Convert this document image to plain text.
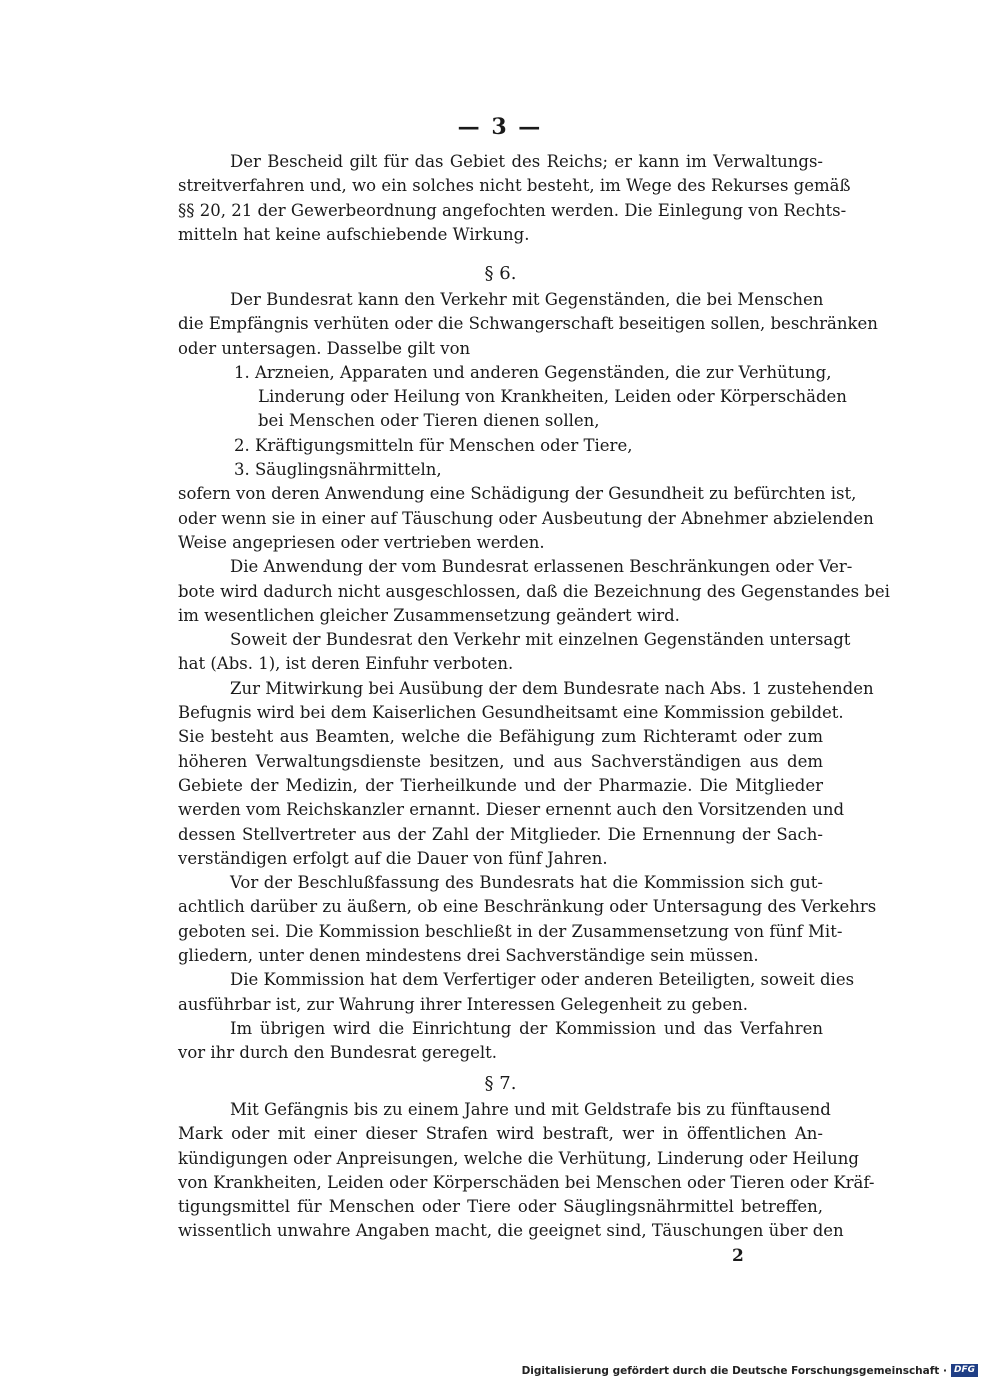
— 3 —
Der Bescheid gilt für das Gebiet des Reichs; er kann im Verwaltungs-
streitverfahren und, wo ein solches nicht besteht, im Wege des Rekurses gemäß
§§ 20, 21 der Gewerbeordnung angefochten werden. Die Einlegung von Rechts-
mitteln hat keine aufschiebende Wirkung.
§ 6.
Der Bundesrat kann den Verkehr mit Gegenständen, die bei Menschen
die Empfängnis verhüten oder die Schwangerschaft beseitigen sollen, beschränken
oder untersagen. Dasselbe gilt von
1. Arzneien, Apparaten und anderen Gegenständen, die zur Verhütung,
Linderung oder Heilung von Krankheiten, Leiden oder Körperschäden
bei Menschen oder Tieren dienen sollen,
2. Kräftigungsmitteln für Menschen oder Tiere,
3. Säuglingsnährmitteln,
sofern von deren Anwendung eine Schädigung der Gesundheit zu befürchten ist,
oder wenn sie in einer auf Täuschung oder Ausbeutung der Abnehmer abzielenden
Weise angepriesen oder vertrieben werden.
Die Anwendung der vom Bundesrat erlassenen Beschränkungen oder Ver-
bote wird dadurch nicht ausgeschlossen, daß die Bezeichnung des Gegenstandes bei
im wesentlichen gleicher Zusammensetzung geändert wird.
Soweit der Bundesrat den Verkehr mit einzelnen Gegenständen untersagt
hat (Abs. 1), ist deren Einfuhr verboten.
Zur Mitwirkung bei Ausübung der dem Bundesrate nach Abs. 1 zustehenden
Befugnis wird bei dem Kaiserlichen Gesundheitsamt eine Kommission gebildet.
Sie besteht aus Beamten, welche die Befähigung zum Richteramt oder zum
höheren Verwaltungsdienste besitzen, und aus Sachverständigen aus dem
Gebiete der Medizin, der Tierheilkunde und der Pharmazie. Die Mitglieder
werden vom Reichskanzler ernannt. Dieser ernennt auch den Vorsitzenden und
dessen Stellvertreter aus der Zahl der Mitglieder. Die Ernennung der Sach-
verständigen erfolgt auf die Dauer von fünf Jahren.
Vor der Beschlußfassung des Bundesrats hat die Kommission sich gut-
achtlich darüber zu äußern, ob eine Beschränkung oder Untersagung des Verkehrs
geboten sei. Die Kommission beschließt in der Zusammensetzung von fünf Mit-
gliedern, unter denen mindestens drei Sachverständige sein müssen.
Die Kommission hat dem Verfertiger oder anderen Beteiligten, soweit dies
ausführbar ist, zur Wahrung ihrer Interessen Gelegenheit zu geben.
Im übrigen wird die Einrichtung der Kommission und das Verfahren
vor ihr durch den Bundesrat geregelt.
§ 7.
Mit Gefängnis bis zu einem Jahre und mit Geldstrafe bis zu fünftausend
Mark oder mit einer dieser Strafen wird bestraft, wer in öffentlichen An-
kündigungen oder Anpreisungen, welche die Verhütung, Linderung oder Heilung
von Krankheiten, Leiden oder Körperschäden bei Menschen oder Tieren oder Kräf-
tigungsmittel für Menschen oder Tiere oder Säuglingsnährmittel betreffen,
wissentlich unwahre Angaben macht, die geeignet sind, Täuschungen über den
2
Digitalisierung gefördert durch die Deutsche Forschungsgemeinschaft · DFG
